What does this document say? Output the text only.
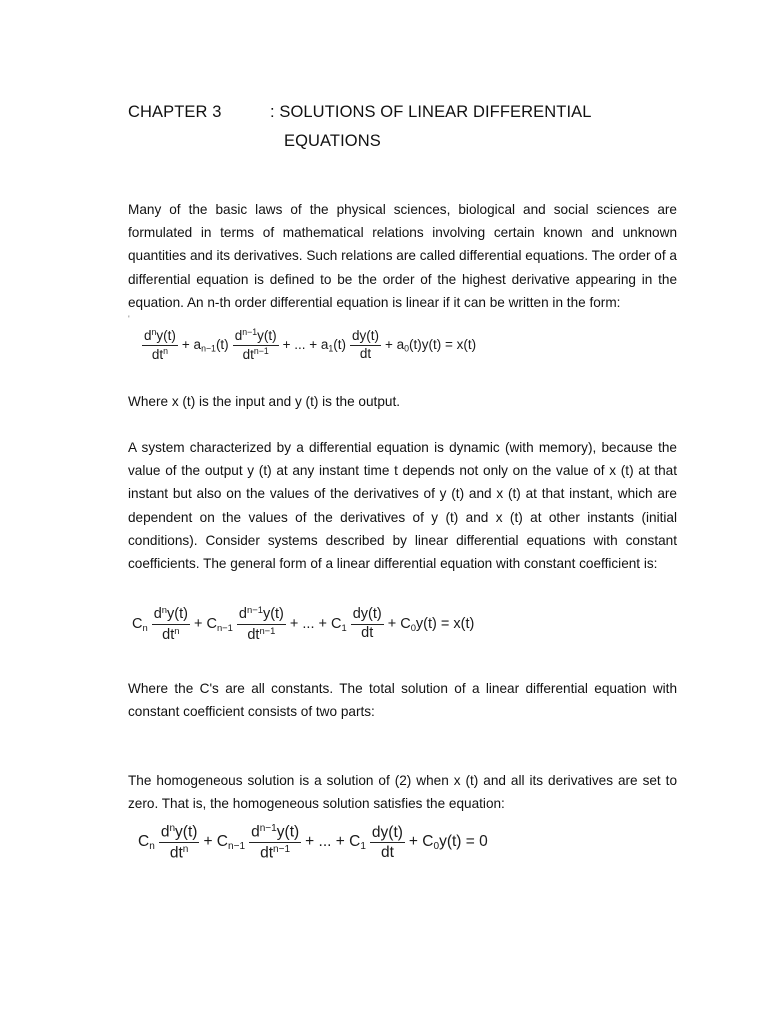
CHAPTER 3	: SOLUTIONS OF LINEAR DIFFERENTIAL
EQUATIONS

Many of the basic laws of the physical sciences, biological and social sciences are formulated in terms of mathematical relations involving certain known and unknown quantities and its derivatives. Such relations are called differential equations. The order of a differential equation is defined to be the order of the highest derivative appearing in the equation. An n-th order differential equation is linear if it can be written in the form:

'
$\frac{d^ny(t)}{dt^n} + a_{n-1}(t) \frac{d^{n-1}y(t)}{dt^{n-1}}$ + ... + $a_1(t) \frac{dy(t)}{dt} + a_0(t)y(t) = x(t)$

Where x (t) is the input and y (t) is the output.

A system characterized by a differential equation is dynamic (with memory), because the value of the output y (t) at any instant time t depends not only on the value of x (t) at that instant but also on the values of the derivatives of y (t) and x (t) at that instant, which are dependent on the values of the derivatives of y (t) and x (t) at other instants (initial conditions). Consider systems described by linear differential equations with constant coefficients. The general form of a linear differential equation with constant coefficient is:

$C_n \frac{d^ny(t)}{dt^n} + C_{n-1} \frac{d^{n-1}y(t)}{dt^{n-1}}$ + ... + $C_1 \frac{dy(t)}{dt} + C_0y(t) = x(t)$

Where the C's are all constants. The total solution of a linear differential equation with constant coefficient consists of two parts:

The homogeneous solution is a solution of (2) when x (t) and all its derivatives are set to zero. That is, the homogeneous solution satisfies the equation:

$C_n \frac{d^ny(t)}{dt^n} + C_{n-1} \frac{d^{n-1}y(t)}{dt^{n-1}}$ + ... + $C_1 \frac{dy(t)}{dt} + C_0y(t) = 0$
